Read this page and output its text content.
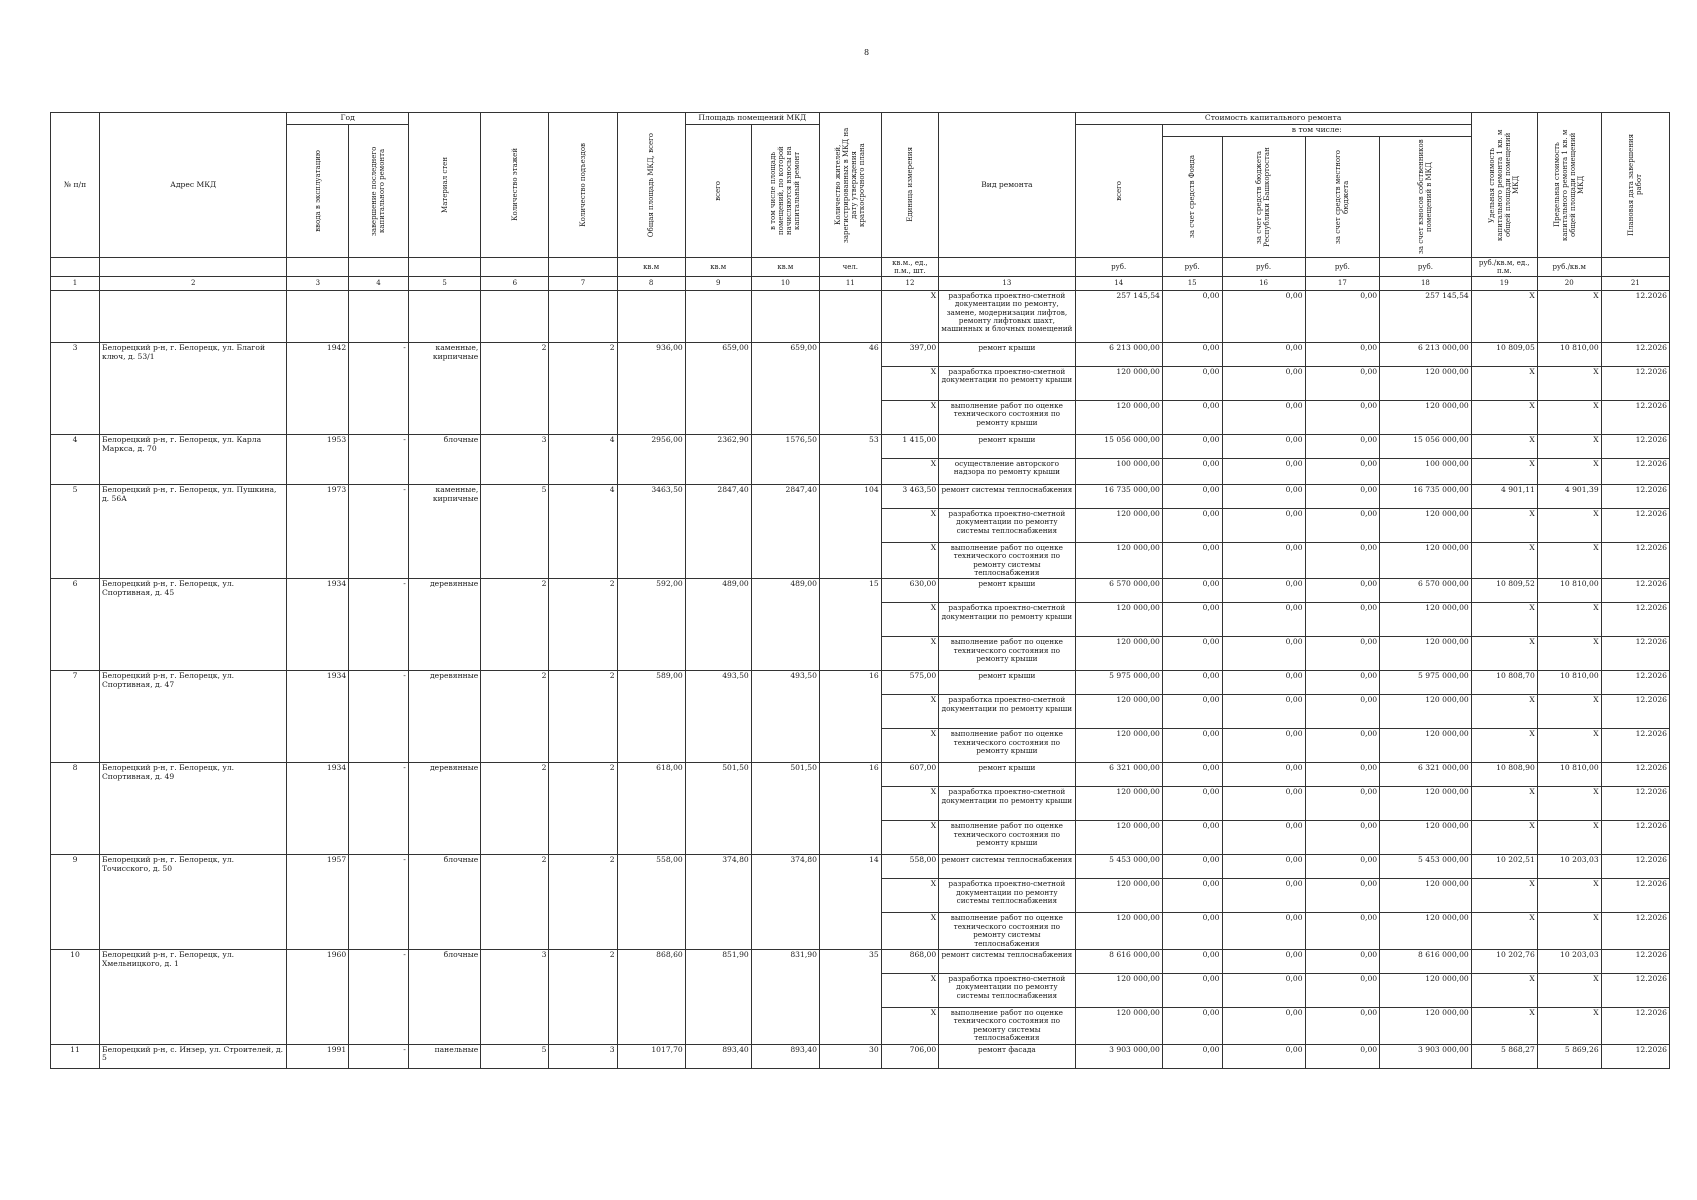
8
№ п/п	Адрес МКД	Год		Материал стен	Количество этажей	Количество подъездов	Общая площадь МКД, всего	Площадь помещений МКД		Количество жителей, зарегистрированных в МКД на дату утверждения краткосрочного плана	Единица измерения	Вид ремонта	Стоимость капитального ремонта					Удельная стоимость капитального ремонта 1 кв. м общей площади помещений МКД	Предельная стоимость капитального ремонта 1 кв. м общей площади помещений МКД	Плановая дата завершения работ

		ввода в эксплуатацию	завершение последнего капитального ремонта					всего	в том числе площадь помещений, по которой начисляются взносы на капитальный ремонт				всего	в том числе:						

														за счет средств Фонда	за счет средств бюджета Республики Башкортостан	за счет средств местного бюджета	за счет взносов собственников помещений в МКД			

							кв.м	кв.м	кв.м	чел.	кв.м., ед., п.м., шт.		руб.	руб.	руб.	руб.	руб.	руб./кв.м, ед., п.м.	руб./кв.м	
1	2	3	4	5	6	7	8	9	10	11	12	13	14	15	16	17	18	19	20	21
											X	разработка проектно-сметной документации по ремонту, замене, модернизации лифтов, ремонту лифтовых шахт, машинных и блочных помещений	257 145,54	0,00	0,00	0,00	257 145,54	X	X	12.2026
3	Белорецкий р-н, г. Белорецк, ул. Благой ключ, д. 53/1	1942	-	каменные, кирпичные	2	2	936,00	659,00	659,00	46	397,00	ремонт крыши	6 213 000,00	0,00	0,00	0,00	6 213 000,00	10 809,05	10 810,00	12.2026
											X	разработка проектно-сметной документации по ремонту крыши	120 000,00	0,00	0,00	0,00	120 000,00	X	X	12.2026
											X	выполнение работ по оценке технического состояния по ремонту крыши	120 000,00	0,00	0,00	0,00	120 000,00	X	X	12.2026
4	Белорецкий р-н, г. Белорецк, ул. Карла Маркса, д. 70	1953	-	блочные	3	4	2956,00	2362,90	1576,50	53	1 415,00	ремонт крыши	15 056 000,00	0,00	0,00	0,00	15 056 000,00	X	X	12.2026
											X	осуществление авторского надзора по ремонту крыши	100 000,00	0,00	0,00	0,00	100 000,00	X	X	12.2026
5	Белорецкий р-н, г. Белорецк, ул. Пушкина, д. 56А	1973	-	каменные, кирпичные	5	4	3463,50	2847,40	2847,40	104	3 463,50	ремонт системы теплоснабжения	16 735 000,00	0,00	0,00	0,00	16 735 000,00	4 901,11	4 901,39	12.2026
											X	разработка проектно-сметной документации по ремонту системы теплоснабжения	120 000,00	0,00	0,00	0,00	120 000,00	X	X	12.2026
											X	выполнение работ по оценке технического состояния по ремонту системы теплоснабжения	120 000,00	0,00	0,00	0,00	120 000,00	X	X	12.2026
6	Белорецкий р-н, г. Белорецк, ул. Спортивная, д. 45	1934	-	деревянные	2	2	592,00	489,00	489,00	15	630,00	ремонт крыши	6 570 000,00	0,00	0,00	0,00	6 570 000,00	10 809,52	10 810,00	12.2026
											X	разработка проектно-сметной документации по ремонту крыши	120 000,00	0,00	0,00	0,00	120 000,00	X	X	12.2026
											X	выполнение работ по оценке технического состояния по ремонту крыши	120 000,00	0,00	0,00	0,00	120 000,00	X	X	12.2026
7	Белорецкий р-н, г. Белорецк, ул. Спортивная, д. 47	1934	-	деревянные	2	2	589,00	493,50	493,50	16	575,00	ремонт крыши	5 975 000,00	0,00	0,00	0,00	5 975 000,00	10 808,70	10 810,00	12.2026
											X	разработка проектно-сметной документации по ремонту крыши	120 000,00	0,00	0,00	0,00	120 000,00	X	X	12.2026
											X	выполнение работ по оценке технического состояния по ремонту крыши	120 000,00	0,00	0,00	0,00	120 000,00	X	X	12.2026
8	Белорецкий р-н, г. Белорецк, ул. Спортивная, д. 49	1934	-	деревянные	2	2	618,00	501,50	501,50	16	607,00	ремонт крыши	6 321 000,00	0,00	0,00	0,00	6 321 000,00	10 808,90	10 810,00	12.2026
											X	разработка проектно-сметной документации по ремонту крыши	120 000,00	0,00	0,00	0,00	120 000,00	X	X	12.2026
											X	выполнение работ по оценке технического состояния по ремонту крыши	120 000,00	0,00	0,00	0,00	120 000,00	X	X	12.2026
9	Белорецкий р-н, г. Белорецк, ул. Точисского, д. 50	1957	-	блочные	2	2	558,00	374,80	374,80	14	558,00	ремонт системы теплоснабжения	5 453 000,00	0,00	0,00	0,00	5 453 000,00	10 202,51	10 203,03	12.2026
											X	разработка проектно-сметной документации по ремонту системы теплоснабжения	120 000,00	0,00	0,00	0,00	120 000,00	X	X	12.2026
											X	выполнение работ по оценке технического состояния по ремонту системы теплоснабжения	120 000,00	0,00	0,00	0,00	120 000,00	X	X	12.2026
10	Белорецкий р-н, г. Белорецк, ул. Хмельницкого, д. 1	1960	-	блочные	3	2	868,60	851,90	831,90	35	868,00	ремонт системы теплоснабжения	8 616 000,00	0,00	0,00	0,00	8 616 000,00	10 202,76	10 203,03	12.2026
											X	разработка проектно-сметной документации по ремонту системы теплоснабжения	120 000,00	0,00	0,00	0,00	120 000,00	X	X	12.2026
											X	выполнение работ по оценке технического состояния по ремонту системы теплоснабжения	120 000,00	0,00	0,00	0,00	120 000,00	X	X	12.2026
11	Белорецкий р-н, с. Инзер, ул. Строителей, д. 5	1991	-	панельные	5	3	1017,70	893,40	893,40	30	706,00	ремонт фасада	3 903 000,00	0,00	0,00	0,00	3 903 000,00	5 868,27	5 869,26	12.2026
